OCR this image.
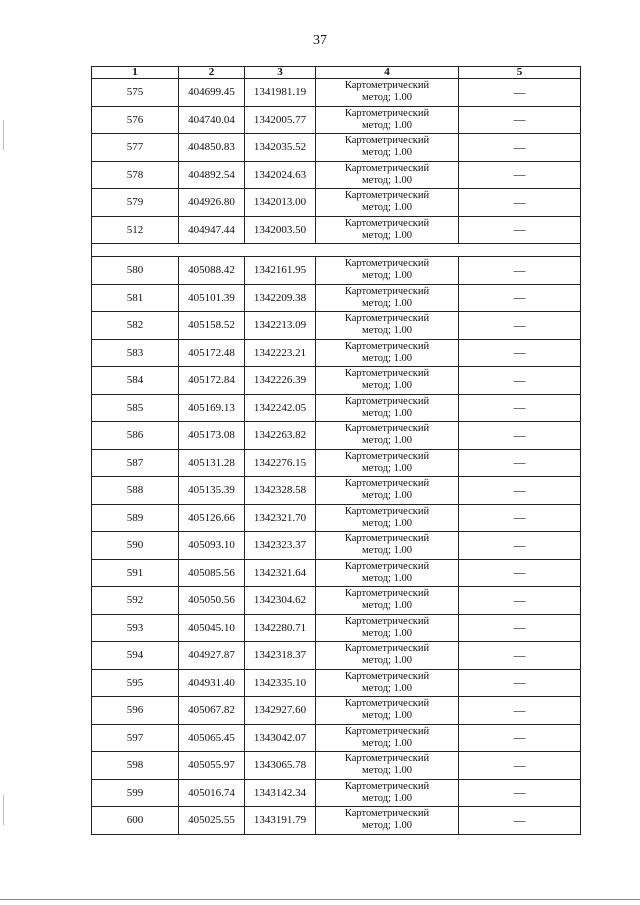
37
1	2	3	4	5
575	404699.45	1341981.19	Картометрический
метод; 1.00	—
576	404740.04	1342005.77	Картометрический
метод; 1.00	—
577	404850.83	1342035.52	Картометрический
метод; 1.00	—
578	404892.54	1342024.63	Картометрический
метод; 1.00	—
579	404926.80	1342013.00	Картометрический
метод; 1.00	—
512	404947.44	1342003.50	Картометрический
метод; 1.00	—

580	405088.42	1342161.95	Картометрический
метод; 1.00	—
581	405101.39	1342209.38	Картометрический
метод; 1.00	—
582	405158.52	1342213.09	Картометрический
метод; 1.00	—
583	405172.48	1342223.21	Картометрический
метод; 1.00	—
584	405172.84	1342226.39	Картометрический
метод; 1.00	—
585	405169.13	1342242.05	Картометрический
метод; 1.00	—
586	405173.08	1342263.82	Картометрический
метод; 1.00	—
587	405131.28	1342276.15	Картометрический
метод; 1.00	—
588	405135.39	1342328.58	Картометрический
метод; 1.00	—
589	405126.66	1342321.70	Картометрический
метод; 1.00	—
590	405093.10	1342323.37	Картометрический
метод; 1.00	—
591	405085.56	1342321.64	Картометрический
метод; 1.00	—
592	405050.56	1342304.62	Картометрический
метод; 1.00	—
593	405045.10	1342280.71	Картометрический
метод; 1.00	—
594	404927.87	1342318.37	Картометрический
метод; 1.00	—
595	404931.40	1342335.10	Картометрический
метод; 1.00	—
596	405067.82	1342927.60	Картометрический
метод; 1.00	—
597	405065.45	1343042.07	Картометрический
метод; 1.00	—
598	405055.97	1343065.78	Картометрический
метод; 1.00	—
599	405016.74	1343142.34	Картометрический
метод; 1.00	—
600	405025.55	1343191.79	Картометрический
метод; 1.00	—
